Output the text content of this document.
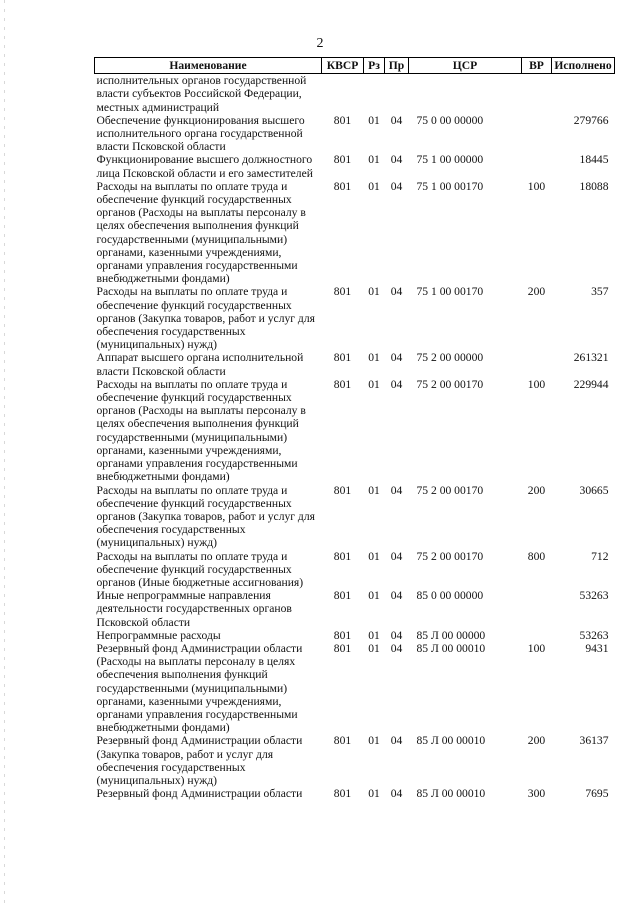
2
Наименование	КВСР	Рз	Пр	ЦСР	ВР	Исполнено
исполнительных органов государственной власти субъектов Российской Федерации, местных администраций						
Обеспечение функционирования высшего исполнительного органа государственной власти Псковской области	801	01	04	75 0 00 00000		279766
Функционирование высшего должностного лица Псковской области и его заместителей	801	01	04	75 1 00 00000		18445
Расходы на выплаты по оплате труда и обеспечение функций государственных органов (Расходы на выплаты персоналу в целях обеспечения выполнения функций государственными (муниципальными) органами, казенными учреждениями, органами управления государственными внебюджетными фондами)	801	01	04	75 1 00 00170	100	18088
Расходы на выплаты по оплате труда и обеспечение функций государственных органов (Закупка товаров, работ и услуг для обеспечения государственных (муниципальных) нужд)	801	01	04	75 1 00 00170	200	357
Аппарат высшего органа исполнительной власти Псковской области	801	01	04	75 2 00 00000		261321
Расходы на выплаты по оплате труда и обеспечение функций государственных органов (Расходы на выплаты персоналу в целях обеспечения выполнения функций государственными (муниципальными) органами, казенными учреждениями, органами управления государственными внебюджетными фондами)	801	01	04	75 2 00 00170	100	229944
Расходы на выплаты по оплате труда и обеспечение функций государственных органов (Закупка товаров, работ и услуг для обеспечения государственных (муниципальных) нужд)	801	01	04	75 2 00 00170	200	30665
Расходы на выплаты по оплате труда и обеспечение функций государственных органов (Иные бюджетные ассигнования)	801	01	04	75 2 00 00170	800	712
Иные непрограммные направления деятельности государственных органов Псковской области	801	01	04	85 0 00 00000		53263
Непрограммные расходы	801	01	04	85 Л 00 00000		53263
Резервный фонд Администрации области (Расходы на выплаты персоналу в целях обеспечения выполнения функций государственными (муниципальными) органами, казенными учреждениями, органами управления государственными внебюджетными фондами)	801	01	04	85 Л 00 00010	100	9431
Резервный фонд Администрации области (Закупка товаров, работ и услуг для обеспечения государственных (муниципальных) нужд)	801	01	04	85 Л 00 00010	200	36137
Резервный фонд Администрации области	801	01	04	85 Л 00 00010	300	7695
